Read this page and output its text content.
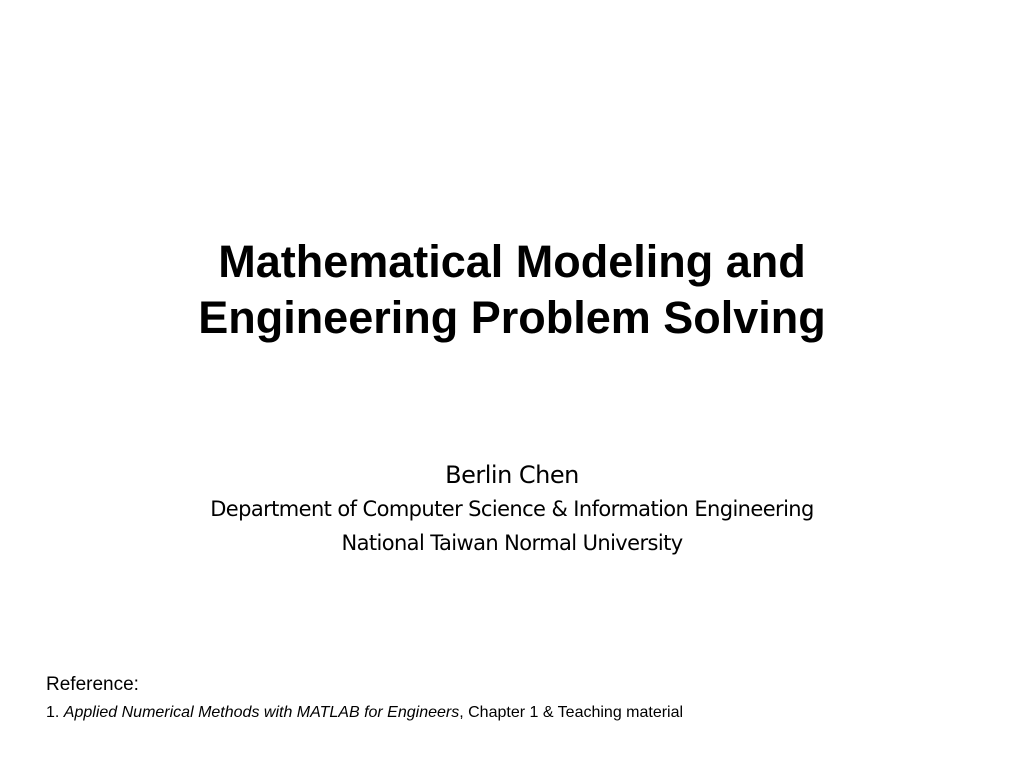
Mathematical Modeling and
Engineering Problem Solving
Berlin Chen
Department of Computer Science & Information Engineering
National Taiwan Normal University
Reference:
1. Applied Numerical Methods with MATLAB for Engineers, Chapter 1 & Teaching material
